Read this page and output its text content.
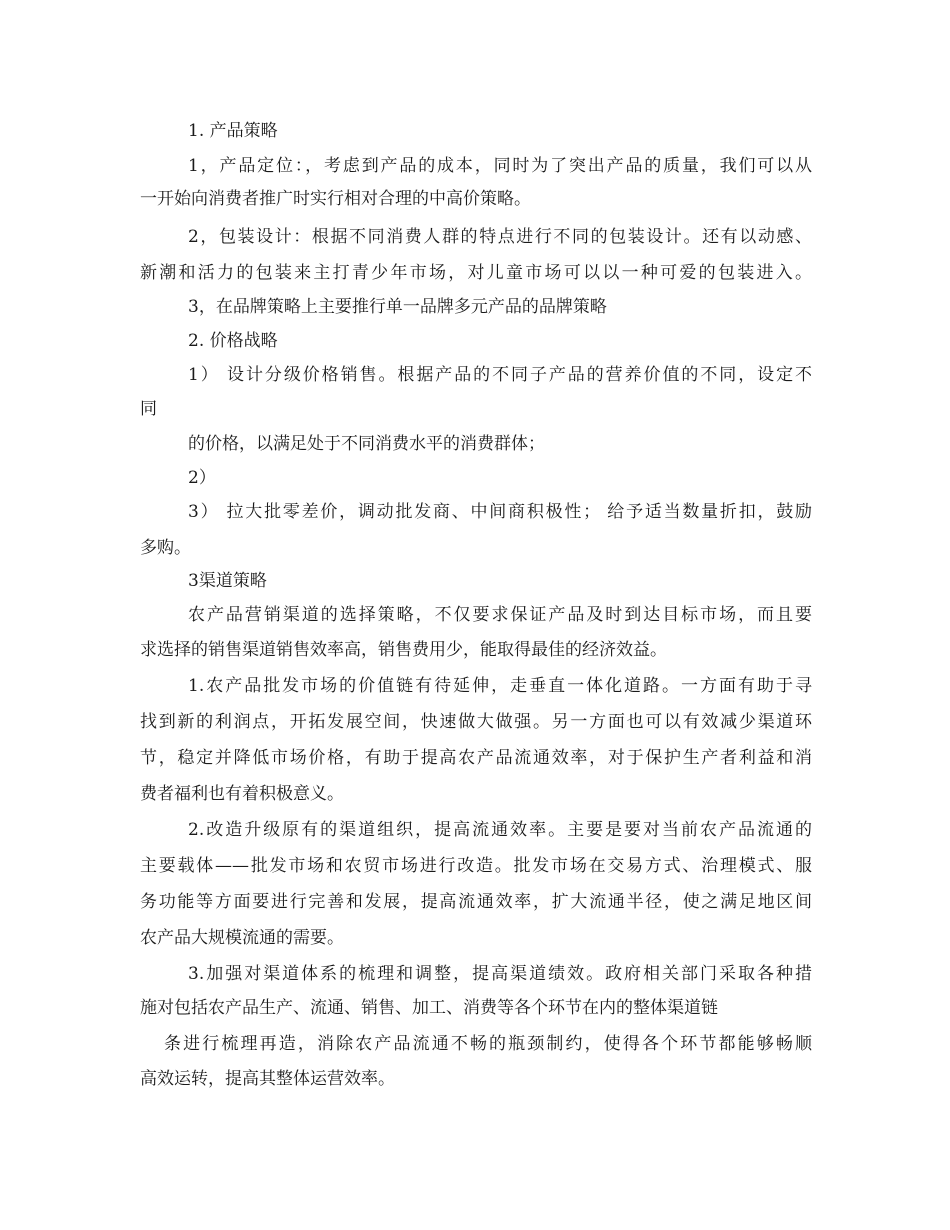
1. 产品策略
1，产品定位：，考虑到产品的成本，同时为了突出产品的质量，我们可以从
一开始向消费者推广时实行相对合理的中高价策略。
2，包装设计：根据不同消费人群的特点进行不同的包装设计。还有以动感、
新潮和活力的包装来主打青少年市场，对儿童市场可以以一种可爱的包装进入。
3，在品牌策略上主要推行单一品牌多元产品的品牌策略
2. 价格战略
1） 设计分级价格销售。根据产品的不同子产品的营养价值的不同，设定不
同
的价格，以满足处于不同消费水平的消费群体；
2）
3） 拉大批零差价，调动批发商、中间商积极性； 给予适当数量折扣，鼓励
多购。
3渠道策略
农产品营销渠道的选择策略，不仅要求保证产品及时到达目标市场，而且要
求选择的销售渠道销售效率高，销售费用少，能取得最佳的经济效益。
1.农产品批发市场的价值链有待延伸，走垂直一体化道路。一方面有助于寻
找到新的利润点，开拓发展空间，快速做大做强。另一方面也可以有效减少渠道环
节，稳定并降低市场价格，有助于提高农产品流通效率，对于保护生产者利益和消
费者福利也有着积极意义。
2.改造升级原有的渠道组织，提高流通效率。主要是要对当前农产品流通的
主要载体——批发市场和农贸市场进行改造。批发市场在交易方式、治理模式、服
务功能等方面要进行完善和发展，提高流通效率，扩大流通半径，使之满足地区间
农产品大规模流通的需要。
3.加强对渠道体系的梳理和调整，提高渠道绩效。政府相关部门采取各种措
施对包括农产品生产、流通、销售、加工、消费等各个环节在内的整体渠道链
条进行梳理再造，消除农产品流通不畅的瓶颈制约，使得各个环节都能够畅顺
高效运转，提高其整体运营效率。
